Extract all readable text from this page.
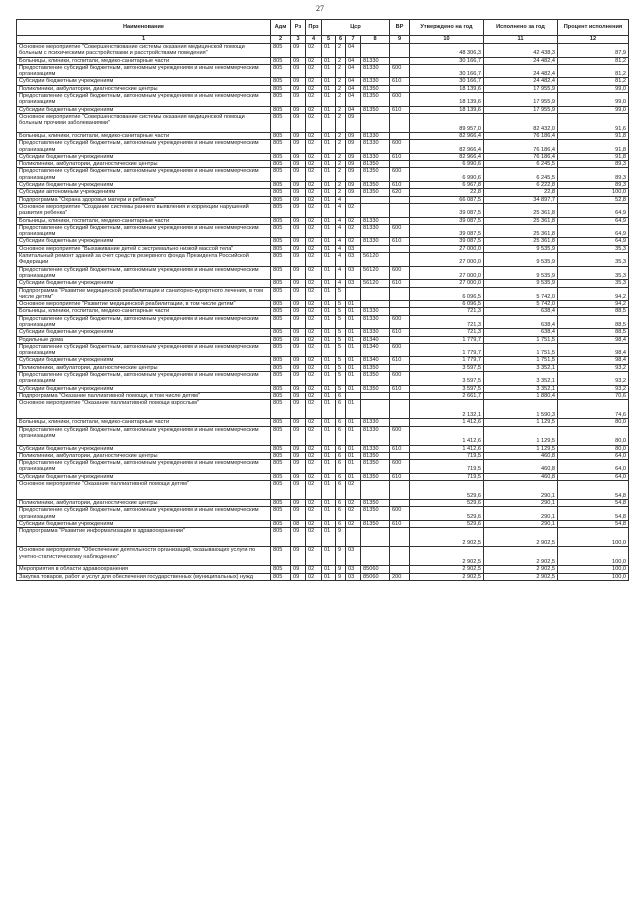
27
Наименование	Адм	Рз	Прз	Цср				ВР	Утверждено на год	Исполнено за год	Процент исполнения
1	2	3	4	5	6	7	8	9	10	11	12
Основное мероприятие "Совершенствование системы оказания медицинской помощи больным с психическими расстройствами и расстройствами поведения"	805	09	02	01	2	04			48 306,3	42 438,3	87,9
Больницы, клиники, госпитали, медико-санитарные части	805	09	02	01	2	04	81330		30 166,7	24 482,4	81,2
Предоставление субсидий бюджетным, автономным учреждениям и иным некоммерческим организациям	805	09	02	01	2	04	81330	600	30 166,7	24 482,4	81,2
Субсидии бюджетным учреждениям	805	09	02	01	2	04	81330	610	30 166,7	24 482,4	81,2
Поликлиники, амбулатории, диагностические центры	805	09	02	01	2	04	81350		18 139,6	17 955,9	99,0
Предоставление субсидий бюджетным, автономным учреждениям и иным некоммерческим организациям	805	09	02	01	2	04	81350	600	18 139,6	17 955,9	99,0
Субсидии бюджетным учреждениям	805	09	02	01	2	04	81350	610	18 139,6	17 955,9	99,0
Основное мероприятие "Совершенствование системы оказания медицинской помощи больным прочими заболеваниями"	805	09	02	01	2	09			89 957,0	82 432,0	91,6
Больницы, клиники, госпитали, медико-санитарные части	805	09	02	01	2	09	81330		82 966,4	76 186,4	91,8
Предоставление субсидий бюджетным, автономным учреждениям и иным некоммерческим организациям	805	09	02	01	2	09	81330	600	82 966,4	76 186,4	91,8
Субсидии бюджетным учреждениям	805	09	02	01	2	09	81330	610	82 966,4	76 186,4	91,8
Поликлиники, амбулатории, диагностические центры	805	09	02	01	2	09	81350		6 990,6	6 245,5	89,3
Предоставление субсидий бюджетным, автономным учреждениям и иным некоммерческим организациям	805	09	02	01	2	09	81350	600	6 990,6	6 245,5	89,3
Субсидии бюджетным учреждениям	805	09	02	01	2	09	81350	610	6 967,8	6 222,8	89,3
Субсидии автономным учреждениям	805	09	02	01	2	09	81350	620	22,8	22,8	100,0
Подпрограмма "Охрана здоровья матери и ребенка"	805	09	02	01	4				66 087,5	34 897,7	52,8
Основное мероприятие "Создание системы раннего выявления и коррекции нарушений развития ребенка"	805	09	02	01	4	02			39 087,5	25 361,8	64,9
Больницы, клиники, госпитали, медико-санитарные части	805	09	02	01	4	02	81330		39 087,5	25 361,8	64,9
Предоставление субсидий бюджетным, автономным учреждениям и иным некоммерческим организациям	805	09	02	01	4	02	81330	600	39 087,5	25 361,8	64,9
Субсидии бюджетным учреждениям	805	09	02	01	4	02	81330	610	39 087,5	25 361,8	64,9
Основное мероприятие "Выхаживание детей с экстремально низкой массой тела"	805	09	02	01	4	03			27 000,0	9 535,9	35,3
Капитальный ремонт зданий за счет средств резервного фонда Президента Российской Федерации	805	09	02	01	4	03	56120		27 000,0	9 535,9	35,3
Предоставление субсидий бюджетным, автономным учреждениям и иным некоммерческим организациям	805	09	02	01	4	03	56120	600	27 000,0	9 535,9	35,3
Субсидии бюджетным учреждениям	805	09	02	01	4	03	56120	610	27 000,0	9 535,9	35,3
Подпрограмма "Развитие медицинской реабилитации и санаторно-курортного лечения, в том числе детям"	805	09	02	01	5				6 096,5	5 742,0	94,2
Основное мероприятие "Развитие медицинской реабилитации, в том числе детям"	805	09	02	01	5	01			6 096,5	5 742,0	94,2
Больницы, клиники, госпитали, медико-санитарные части	805	09	02	01	5	01	81330		721,3	638,4	88,5
Предоставление субсидий бюджетным, автономным учреждениям и иным некоммерческим организациям	805	09	02	01	5	01	81330	600	721,3	638,4	88,5
Субсидии бюджетным учреждениям	805	09	02	01	5	01	81330	610	721,3	638,4	88,5
Родильные дома	805	09	02	01	5	01	81340		1 779,7	1 751,5	98,4
Предоставление субсидий бюджетным, автономным учреждениям и иным некоммерческим организациям	805	09	02	01	5	01	81340	600	1 779,7	1 751,5	98,4
Субсидии бюджетным учреждениям	805	09	02	01	5	01	81340	610	1 779,7	1 751,5	98,4
Поликлиники, амбулатории, диагностические центры	805	09	02	01	5	01	81350		3 597,5	3 352,1	93,2
Предоставление субсидий бюджетным, автономным учреждениям и иным некоммерческим организациям	805	09	02	01	5	01	81350	600	3 597,5	3 352,1	93,2
Субсидии бюджетным учреждениям	805	09	02	01	5	01	81350	610	3 597,5	3 352,1	93,2
Подпрограмма "Оказание паллиативной помощи, в том числе детям"	805	09	02	01	6				2 661,7	1 880,4	70,6
Основное мероприятие "Оказание паллиативной помощи взрослым"	805	09	02	01	6	01			2 132,1	1 590,3	74,6
Больницы, клиники, госпитали, медико-санитарные части	805	09	02	01	6	01	81330		1 412,6	1 129,5	80,0
Предоставление субсидий бюджетным, автономным учреждениям и иным некоммерческим организациям	805	09	02	01	6	01	81330	600	1 412,6	1 129,5	80,0
Субсидии бюджетным учреждениям	805	09	02	01	6	01	81330	610	1 412,6	1 129,5	80,0
Поликлиники, амбулатории, диагностические центры	805	09	02	01	6	01	81350		719,5	460,8	64,0
Предоставление субсидий бюджетным, автономным учреждениям и иным некоммерческим организациям	805	09	02	01	6	01	81350	600	719,5	460,8	64,0
Субсидии бюджетным учреждениям	805	09	02	01	6	01	81350	610	719,5	460,8	64,0
Основное мероприятие "Оказание паллиативной помощи детям"	805	09	02	01	6	02			529,6	290,1	54,8
Поликлиники, амбулатории, диагностические центры	805	09	02	01	6	02	81350		529,6	290,1	54,8
Предоставление субсидий бюджетным, автономным учреждениям и иным некоммерческим организациям	805	09	02	01	6	02	81350	600	529,6	290,1	54,8
Субсидии бюджетным учреждениям	805	08	02	01	6	02	81350	610	529,6	290,1	54,8
Подпрограмма "Развитие информатизации в здравоохранении"	805	09	02	01	9				2 902,5	2 902,5	100,0
Основное мероприятие "Обеспечение деятельности организаций, оказывающих услуги по учетно-статистическому наблюдению"	805	09	02	01	9	03			2 902,5	2 902,5	100,0
Мероприятия в области здравоохранения	805	09	02	01	9	03	85060		2 902,5	2 902,5	100,0
Закупка товаров, работ и услуг для обеспечения государственных (муниципальных) нужд	805	09	02	01	9	03	85060	200	2 902,5	2 902,5	100,0
